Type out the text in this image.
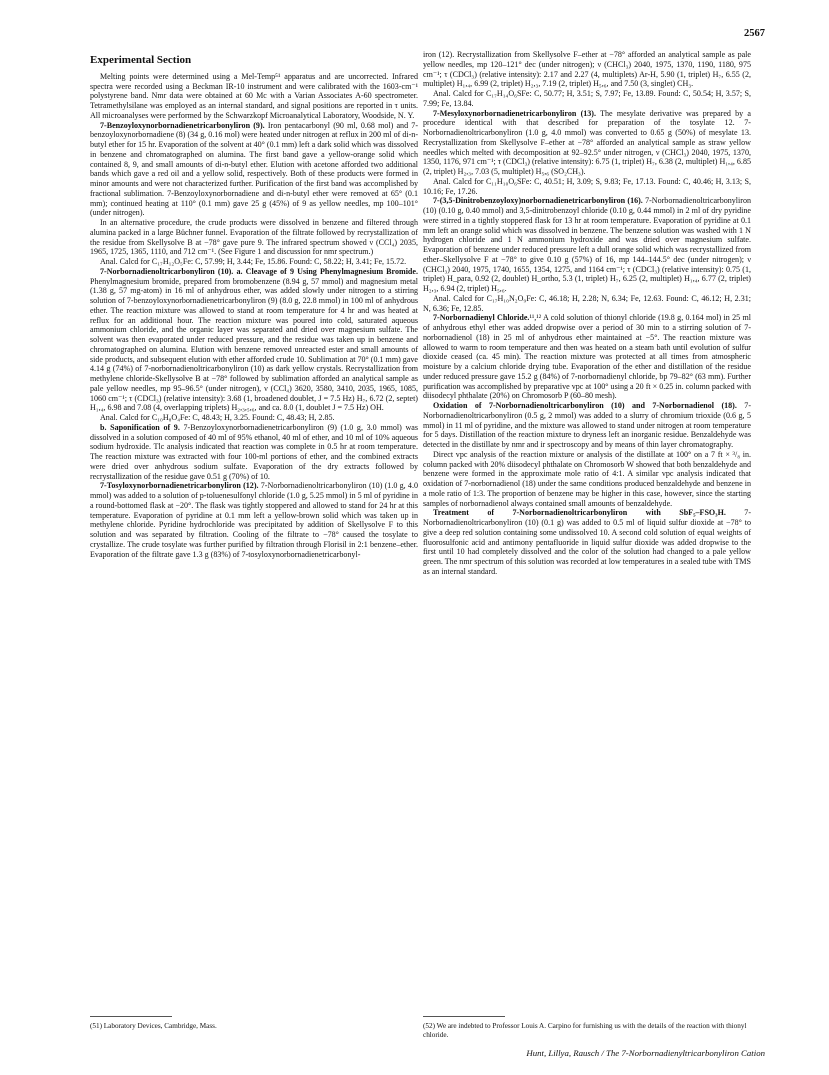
2567
Experimental Section

Melting points were determined using a Mel-Temp⁵¹ apparatus and are uncorrected. Infrared spectra were recorded using a Beckman IR-10 instrument and were calibrated with the 1603-cm⁻¹ polystyrene band. Nmr data were obtained at 60 Mc with a Varian Associates A-60 spectrometer. Tetramethylsilane was employed as an internal standard, and signal positions are reported in τ units. All microanalyses were performed by the Schwarzkopf Microanalytical Laboratory, Woodside, N. Y.

7-Benzoyloxynorbornadienetricarbonyliron (9). Iron pentacarbonyl (90 ml, 0.68 mol) and 7-benzoyloxynorbornadiene (8) (34 g, 0.16 mol) were heated under nitrogen at reflux in 200 ml of di-n-butyl ether for 15 hr. Evaporation of the solvent at 40° (0.1 mm) left a dark solid which was dissolved in benzene and chromatographed on alumina. The first band gave a yellow-orange solid which contained 8, 9, and small amounts of di-n-butyl ether. Elution with acetone afforded two additional bands which gave a red oil and a yellow solid, respectively. Both of these products were formed in minor amounts and were not characterized further. Purification of the first band was accomplished by fractional sublimation. 7-Benzoyloxynorbornadiene and di-n-butyl ether were removed at 65° (0.1 mm); continued heating at 110° (0.1 mm) gave 25 g (45%) of 9 as yellow needles, mp 100–101° (under nitrogen).

In an alternative procedure, the crude products were dissolved in benzene and filtered through alumina packed in a large Büchner funnel. Evaporation of the filtrate followed by recrystallization of the residue from Skellysolve B at −78° gave pure 9. The infrared spectrum showed ν (CCl₄) 2035, 1965, 1725, 1365, 1110, and 712 cm⁻¹. (See Figure 1 and discussion for nmr spectrum.)

Anal. Calcd for C₁₇H₁₂O₅Fe: C, 57.99; H, 3.44; Fe, 15.86. Found: C, 58.22; H, 3.41; Fe, 15.72.

7-Norbornadienoltricarbonyliron (10). a. Cleavage of 9 Using Phenylmagnesium Bromide. Phenylmagnesium bromide, prepared from bromobenzene (8.94 g, 57 mmol) and magnesium metal (1.38 g, 57 mg-atom) in 16 ml of anhydrous ether, was added slowly under nitrogen to a stirring solution of 7-benzoyloxynorbornadienetricarbonyliron (9) (8.0 g, 22.8 mmol) in 100 ml of anhydrous ether. The reaction mixture was allowed to stand at room temperature for 4 hr and was heated at reflux for an additional hour. The reaction mixture was poured into cold, saturated aqueous ammonium chloride, and the organic layer was separated and dried over magnesium sulfate. The solvent was then evaporated under reduced pressure, and the residue was taken up in benzene and chromatographed on alumina. Elution with benzene removed unreacted ester and small amounts of side products, and subsequent elution with ether afforded crude 10. Sublimation at 70° (0.1 mm) gave 4.14 g (74%) of 7-norbornadienoltricarbonyliron (10) as dark yellow crystals. Recrystallization from methylene chloride-Skellysolve B at −78° followed by sublimation afforded an analytical sample as pale yellow needles, mp 95–96.5° (under nitrogen), ν (CCl₄) 3620, 3580, 3410, 2035, 1965, 1085, 1060 cm⁻¹; τ (CDCl₃) (relative intensity): 3.68 (1, broadened doublet, J = 7.5 Hz) H₇, 6.72 (2, septet) H₁,₄, 6.98 and 7.08 (4, overlapping triplets) H₂,₃,₅,₆, and ca. 8.0 (1, doublet J = 7.5 Hz) OH.

Anal. Calcd for C₁₀H₈O₄Fe: C, 48.43; H, 3.25. Found: C, 48.43; H, 2.85.

b. Saponification of 9. 7-Benzoyloxynorbornadienetricarbonyliron (9) (1.0 g, 3.0 mmol) was dissolved in a solution composed of 40 ml of 95% ethanol, 40 ml of ether, and 10 ml of 10% aqueous sodium hydroxide. Tlc analysis indicated that reaction was complete in 0.5 hr at room temperature. The reaction mixture was extracted with four 100-ml portions of ether, and the combined extracts were dried over anhydrous sodium sulfate. Evaporation of the dry extracts followed by recrystallization of the residue gave 0.51 g (70%) of 10.

7-Tosyloxynorbornadienetricarbonyliron (12). 7-Norbornadienoltricarbonyliron (10) (1.0 g, 4.0 mmol) was added to a solution of p-toluenesulfonyl chloride (1.0 g, 5.25 mmol) in 5 ml of pyridine in a round-bottomed flask at −20°. The flask was tightly stoppered and allowed to stand for 24 hr at this temperature. Evaporation of pyridine at 0.1 mm left a yellow-brown solid which was taken up in methylene chloride. Pyridine hydrochloride was precipitated by addition of Skellysolve F to this solution and was separated by filtration. Cooling of the filtrate to −78° caused the tosylate to crystallize. The crude tosylate was further purified by filtration through Florisil in 2:1 benzene–ether. Evaporation of the filtrate gave 1.3 g (83%) of 7-tosyloxynorbornadienetricarbonyl-

iron (12). Recrystallization from Skellysolve F–ether at −78° afforded an analytical sample as pale yellow needles, mp 120–121° dec (under nitrogen); ν (CHCl₃) 2040, 1975, 1370, 1190, 1180, 975 cm⁻¹; τ (CDCl₃) (relative intensity): 2.17 and 2.27 (4, multiplets) Ar-H, 5.90 (1, triplet) H₇, 6.55 (2, multiplet) H₁,₄, 6.99 (2, triplet) H₂,₃, 7.19 (2, triplet) H₅,₆, and 7.50 (3, singlet) CH₃.

Anal. Calcd for C₁₇H₁₄O₆SFe: C, 50.77; H, 3.51; S, 7.97; Fe, 13.89. Found: C, 50.54; H, 3.57; S, 7.99; Fe, 13.84.

7-Mesyloxynorbornadienetricarbonyliron (13). The mesylate derivative was prepared by a procedure identical with that described for preparation of the tosylate 12. 7-Norbornadienoltricarbonyliron (1.0 g, 4.0 mmol) was converted to 0.65 g (50%) of mesylate 13. Recrystallization from Skellysolve F–ether at −78° afforded an analytical sample as straw yellow needles which melted with decomposition at 92–92.5° under nitrogen, ν (CHCl₃) 2040, 1975, 1370, 1350, 1176, 971 cm⁻¹; τ (CDCl₃) (relative intensity): 6.75 (1, triplet) H₇, 6.38 (2, multiplet) H₁,₄, 6.85 (2, triplet) H₂,₃, 7.03 (5, multiplet) H₅,₆ (SO₂CH₃).

Anal. Calcd for C₁₁H₁₀O₆SFe: C, 40.51; H, 3.09; S, 9.83; Fe, 17.13. Found: C, 40.46; H, 3.13; S, 10.16; Fe, 17.26.

7-(3,5-Dinitrobenzoyloxy)norbornadienetricarbonyliron (16). 7-Norbornadienoltricarbonyliron (10) (0.10 g, 0.40 mmol) and 3,5-dinitrobenzoyl chloride (0.10 g, 0.44 mmol) in 2 ml of dry pyridine were stirred in a tightly stoppered flask for 13 hr at room temperature. Evaporation of pyridine at 0.1 mm left an orange solid which was dissolved in benzene. The benzene solution was washed with 1 N hydrogen chloride and 1 N ammonium hydroxide and was dried over magnesium sulfate. Evaporation of benzene under reduced pressure left a dull orange solid which was recrystallized from ether–Skellysolve F at −78° to give 0.10 g (57%) of 16, mp 144–144.5° dec (under nitrogen); ν (CHCl₃) 2040, 1975, 1740, 1655, 1354, 1275, and 1164 cm⁻¹; τ (CDCl₃) (relative intensity): 0.75 (1, triplet) H_para, 0.92 (2, doublet) H_ortho, 5.3 (1, triplet) H₇, 6.25 (2, multiplet) H₁,₄, 6.77 (2, triplet) H₂,₃, 6.94 (2, triplet) H₅,₆.

Anal. Calcd for C₁₇H₁₀N₂O₉Fe: C, 46.18; H, 2.28; N, 6.34; Fe, 12.63. Found: C, 46.12; H, 2.31; N, 6.36; Fe, 12.85.

7-Norbornadienyl Chloride.¹¹,¹² A cold solution of thionyl chloride (19.8 g, 0.164 mol) in 25 ml of anhydrous ethyl ether was added dropwise over a period of 30 min to a stirring solution of 7-norbornadienol (18) in 25 ml of anhydrous ether maintained at −5°. The reaction mixture was allowed to warm to room temperature and then was heated on a steam bath until evolution of sulfur dioxide ceased (ca. 45 min). The reaction mixture was protected at all times from atmospheric moisture by a calcium chloride drying tube. Evaporation of the ether and distillation of the residue under reduced pressure gave 15.2 g (84%) of 7-norbornadienyl chloride, bp 79–82° (63 mm). Further purification was accomplished by preparative vpc at 100° using a 20 ft × 0.25 in. column packed with diisodecyl phthalate (20%) on Chromosorb P (60–80 mesh).

Oxidation of 7-Norbornadienoltricarbonyliron (10) and 7-Norbornadienol (18). 7-Norbornadienoltricarbonyliron (0.5 g, 2 mmol) was added to a slurry of chromium trioxide (0.6 g, 5 mmol) in 11 ml of pyridine, and the mixture was allowed to stand under nitrogen at room temperature for 5 days. Distillation of the reaction mixture to dryness left an inorganic residue. Benzaldehyde was detected in the distillate by nmr and ir spectroscopy and by means of thin layer chromatography.

Direct vpc analysis of the reaction mixture or analysis of the distillate at 100° on a 7 ft × ³/₈ in. column packed with 20% diisodecyl phthalate on Chromosorb W showed that both benzaldehyde and benzene were formed in the approximate mole ratio of 4:1. A similar vpc analysis indicated that oxidation of 7-norbornadienol (18) under the same conditions produced benzaldehyde and benzene in a mole ratio of 1:3. The proportion of benzene may be higher in this case, however, since the starting samples of norbornadienol always contained small amounts of benzaldehyde.

Treatment of 7-Norbornadienoltricarbonyliron with SbF₅–FSO₃H. 7-Norbornadienoltricarbonyliron (10) (0.1 g) was added to 0.5 ml of liquid sulfur dioxide at −78° to give a deep red solution containing some undissolved 10. A second cold solution of equal weights of fluorosulfonic acid and antimony pentafluoride in liquid sulfur dioxide was added dropwise to the first until 10 had completely dissolved and the color of the solution had changed to a pale yellow green. The nmr spectrum of this solution was recorded at low temperatures in a sealed tube with TMS as an internal standard.

(51) Laboratory Devices, Cambridge, Mass.	(52) We are indebted to Professor Louis A. Carpino for furnishing us with the details of the reaction with thionyl chloride.
Hunt, Lillya, Rausch / The 7-Norbornadienyltricarbonyliron Cation
